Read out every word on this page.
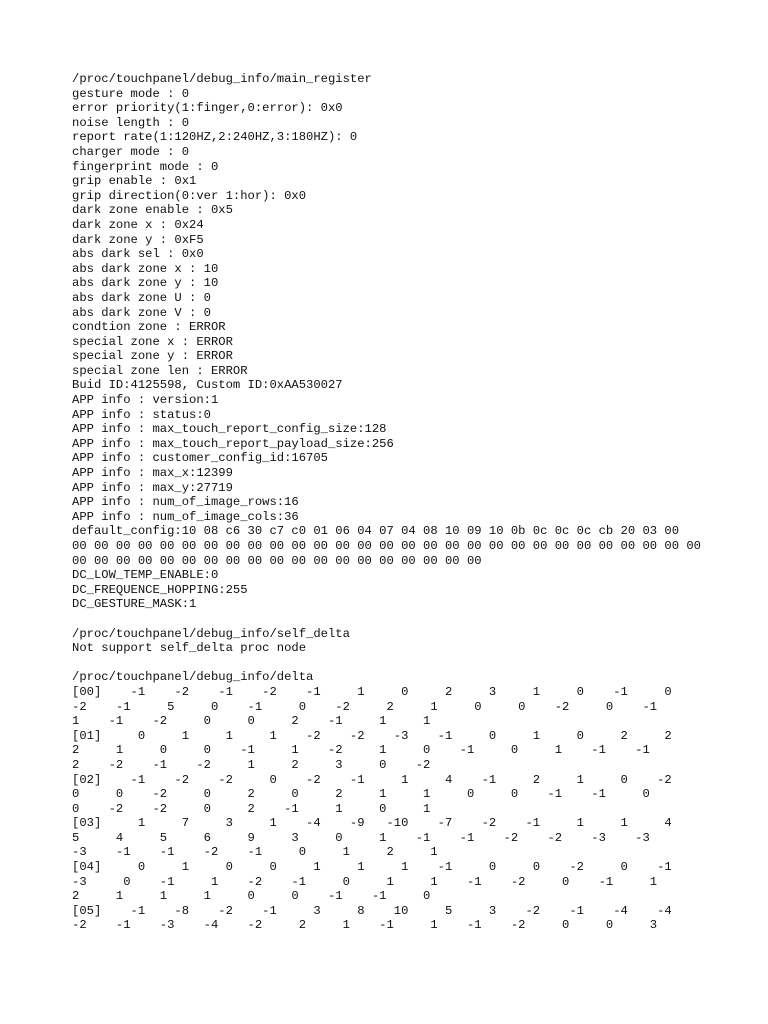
/proc/touchpanel/debug_info/main_register
gesture mode : 0
error priority(1:finger,0:error): 0x0
noise length : 0
report rate(1:120HZ,2:240HZ,3:180HZ): 0
charger mode : 0
fingerprint mode : 0
grip enable : 0x1
grip direction(0:ver 1:hor): 0x0
dark zone enable : 0x5
dark zone x : 0x24
dark zone y : 0xF5
abs dark sel : 0x0
abs dark zone x : 10
abs dark zone y : 10
abs dark zone U : 0
abs dark zone V : 0
condtion zone : ERROR
special zone x : ERROR
special zone y : ERROR
special zone len : ERROR
Buid ID:4125598, Custom ID:0xAA530027
APP info : version:1
APP info : status:0
APP info : max_touch_report_config_size:128
APP info : max_touch_report_payload_size:256
APP info : customer_config_id:16705
APP info : max_x:12399
APP info : max_y:27719
APP info : num_of_image_rows:16
APP info : num_of_image_cols:36
default_config:10 08 c6 30 c7 c0 01 06 04 07 04 08 10 09 10 0b 0c 0c 0c cb 20 03 00
00 00 00 00 00 00 00 00 00 00 00 00 00 00 00 00 00 00 00 00 00 00 00 00 00 00 00 00 00
00 00 00 00 00 00 00 00 00 00 00 00 00 00 00 00 00 00 00
DC_LOW_TEMP_ENABLE:0
DC_FREQUENCE_HOPPING:255
DC_GESTURE_MASK:1
/proc/touchpanel/debug_info/self_delta
Not support self_delta proc node
/proc/touchpanel/debug_info/delta
[00]    -1    -2    -1    -2    -1     1     0     2     3     1     0    -1     0
-2    -1     5     0    -1     0    -2     2     1     0     0    -2     0    -1
1    -1    -2     0     0     2    -1     1     1
[01]     0     1     1     1    -2    -2    -3    -1     0     1     0     2     2
2     1     0     0    -1     1    -2     1     0    -1     0     1    -1    -1
2    -2    -1    -2     1     2     3     0    -2
[02]    -1    -2    -2     0    -2    -1     1     4    -1     2     1     0    -2
0     0    -2     0     2     0     2     1     1     0     0    -1    -1     0
0    -2    -2     0     2    -1     1     0     1
[03]     1     7     3     1    -4    -9   -10    -7    -2    -1     1     1     4
5     4     5     6     9     3     0     1    -1    -1    -2    -2    -3    -3
-3    -1    -1    -2    -1     0     1     2     1
[04]     0     1     0     0     1     1     1    -1     0     0    -2     0    -1
-3     0    -1     1    -2    -1     0     1     1    -1    -2     0    -1     1
2     1     1     1     0     0    -1    -1     0
[05]    -1    -8    -2    -1     3     8    10     5     3    -2    -1    -4    -4
-2    -1    -3    -4    -2     2     1    -1     1    -1    -2     0     0     3
